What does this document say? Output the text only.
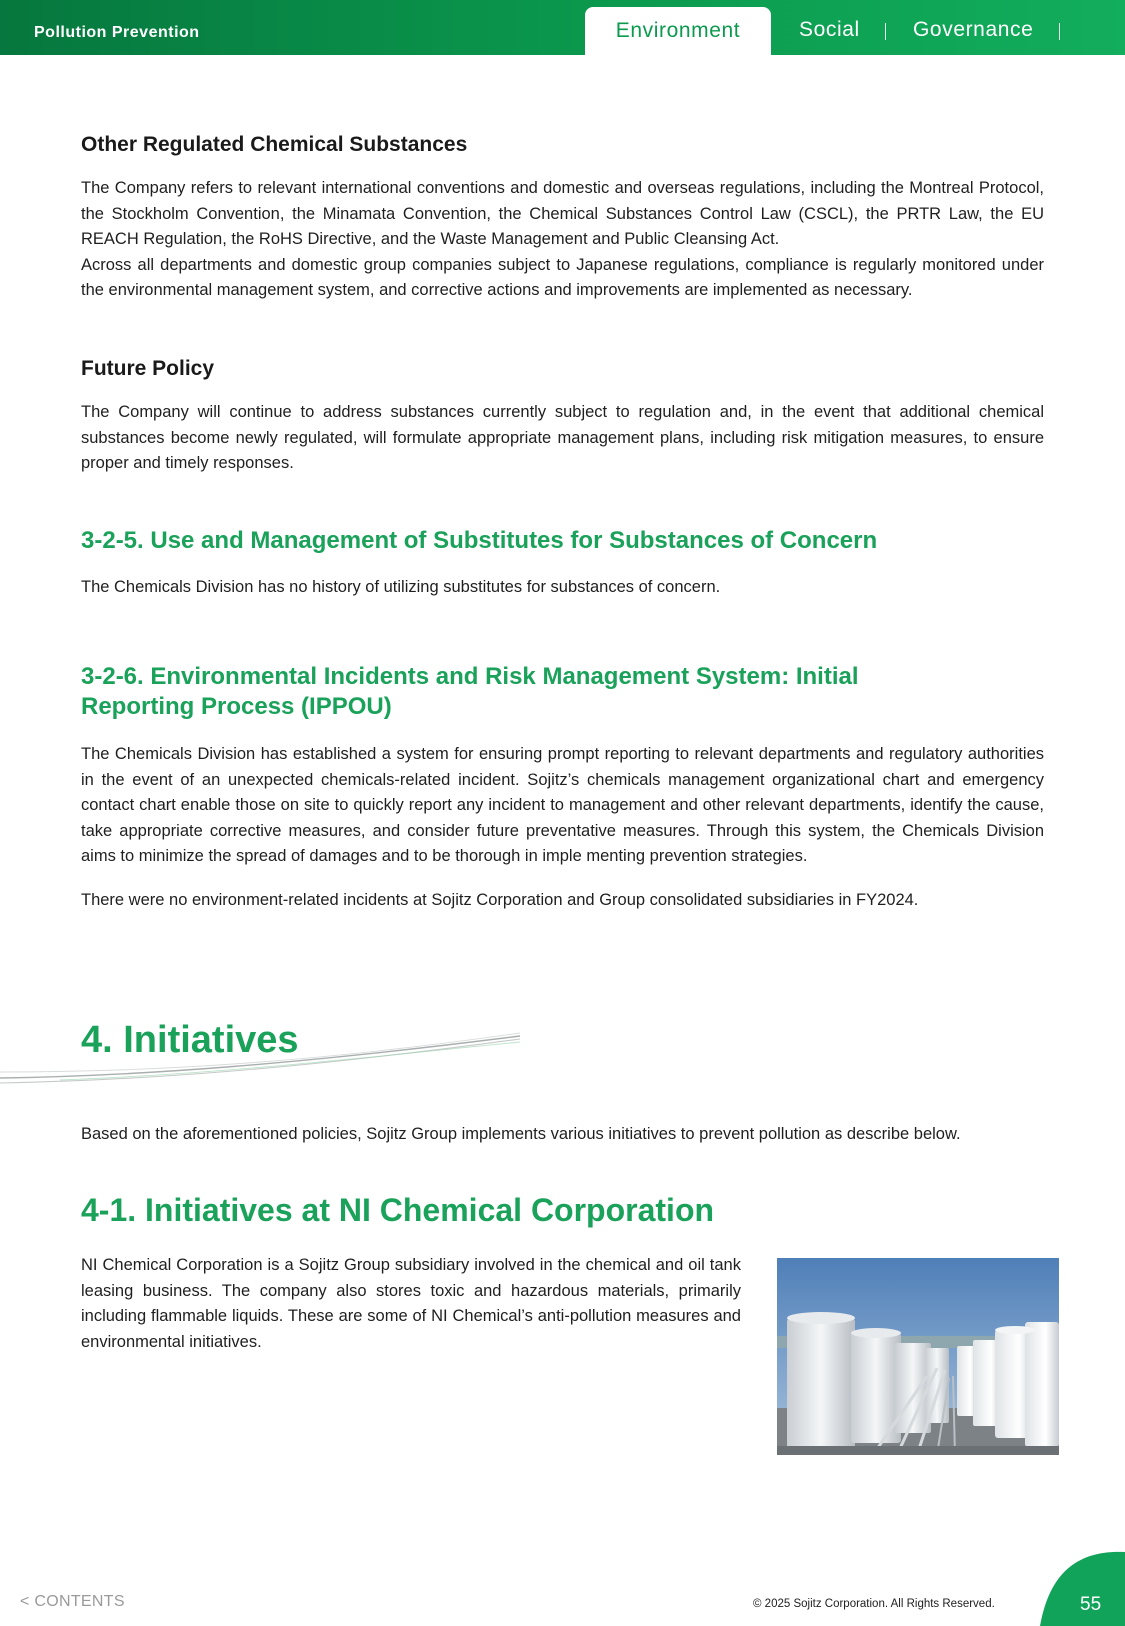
Pollution Prevention	Environment	Social	Governance
Other Regulated Chemical Substances

The Company refers to relevant international conventions and domestic and overseas regulations, including the Montreal Protocol, the Stockholm Convention, the Minamata Convention, the Chemical Substances Control Law (CSCL), the PRTR Law, the EU REACH Regulation, the RoHS Directive, and the Waste Management and Public Cleansing Act.

Across all departments and domestic group companies subject to Japanese regulations, compliance is regularly monitored under the environmental management system, and corrective actions and improvements are implemented as necessary.

Future Policy

The Company will continue to address substances currently subject to regulation and, in the event that additional chemical substances become newly regulated, will formulate appropriate management plans, including risk mitigation measures, to ensure proper and timely responses.

3-2-5. Use and Management of Substitutes for Substances of Concern

The Chemicals Division has no history of utilizing substitutes for substances of concern.

3-2-6. Environmental Incidents and Risk Management System: Initial
Reporting Process (IPPOU)

The Chemicals Division has established a system for ensuring prompt reporting to relevant departments and regulatory authorities in the event of an unexpected chemicals-related incident. Sojitz’s chemicals management organizational chart and emergency contact chart enable those on site to quickly report any incident to management and other relevant departments, identify the cause, take appropriate corrective measures, and consider future preventative measures. Through this system, the Chemicals Division aims to minimize the spread of damages and to be thorough in imple menting prevention strategies.

There were no environment-related incidents at Sojitz Corporation and Group consolidated subsidiaries in FY2024.

4. Initiatives

Based on the aforementioned policies, Sojitz Group implements various initiatives to prevent pollution as describe below.

4-1. Initiatives at NI Chemical Corporation

NI Chemical Corporation is a Sojitz Group subsidiary involved in the chemical and oil tank leasing business. The company also stores toxic and hazardous materials, primarily including flammable liquids. These are some of NI Chemical’s anti-pollution measures and environmental initiatives.

< CONTENTS	© 2025 Sojitz Corporation. All Rights Reserved.	55
